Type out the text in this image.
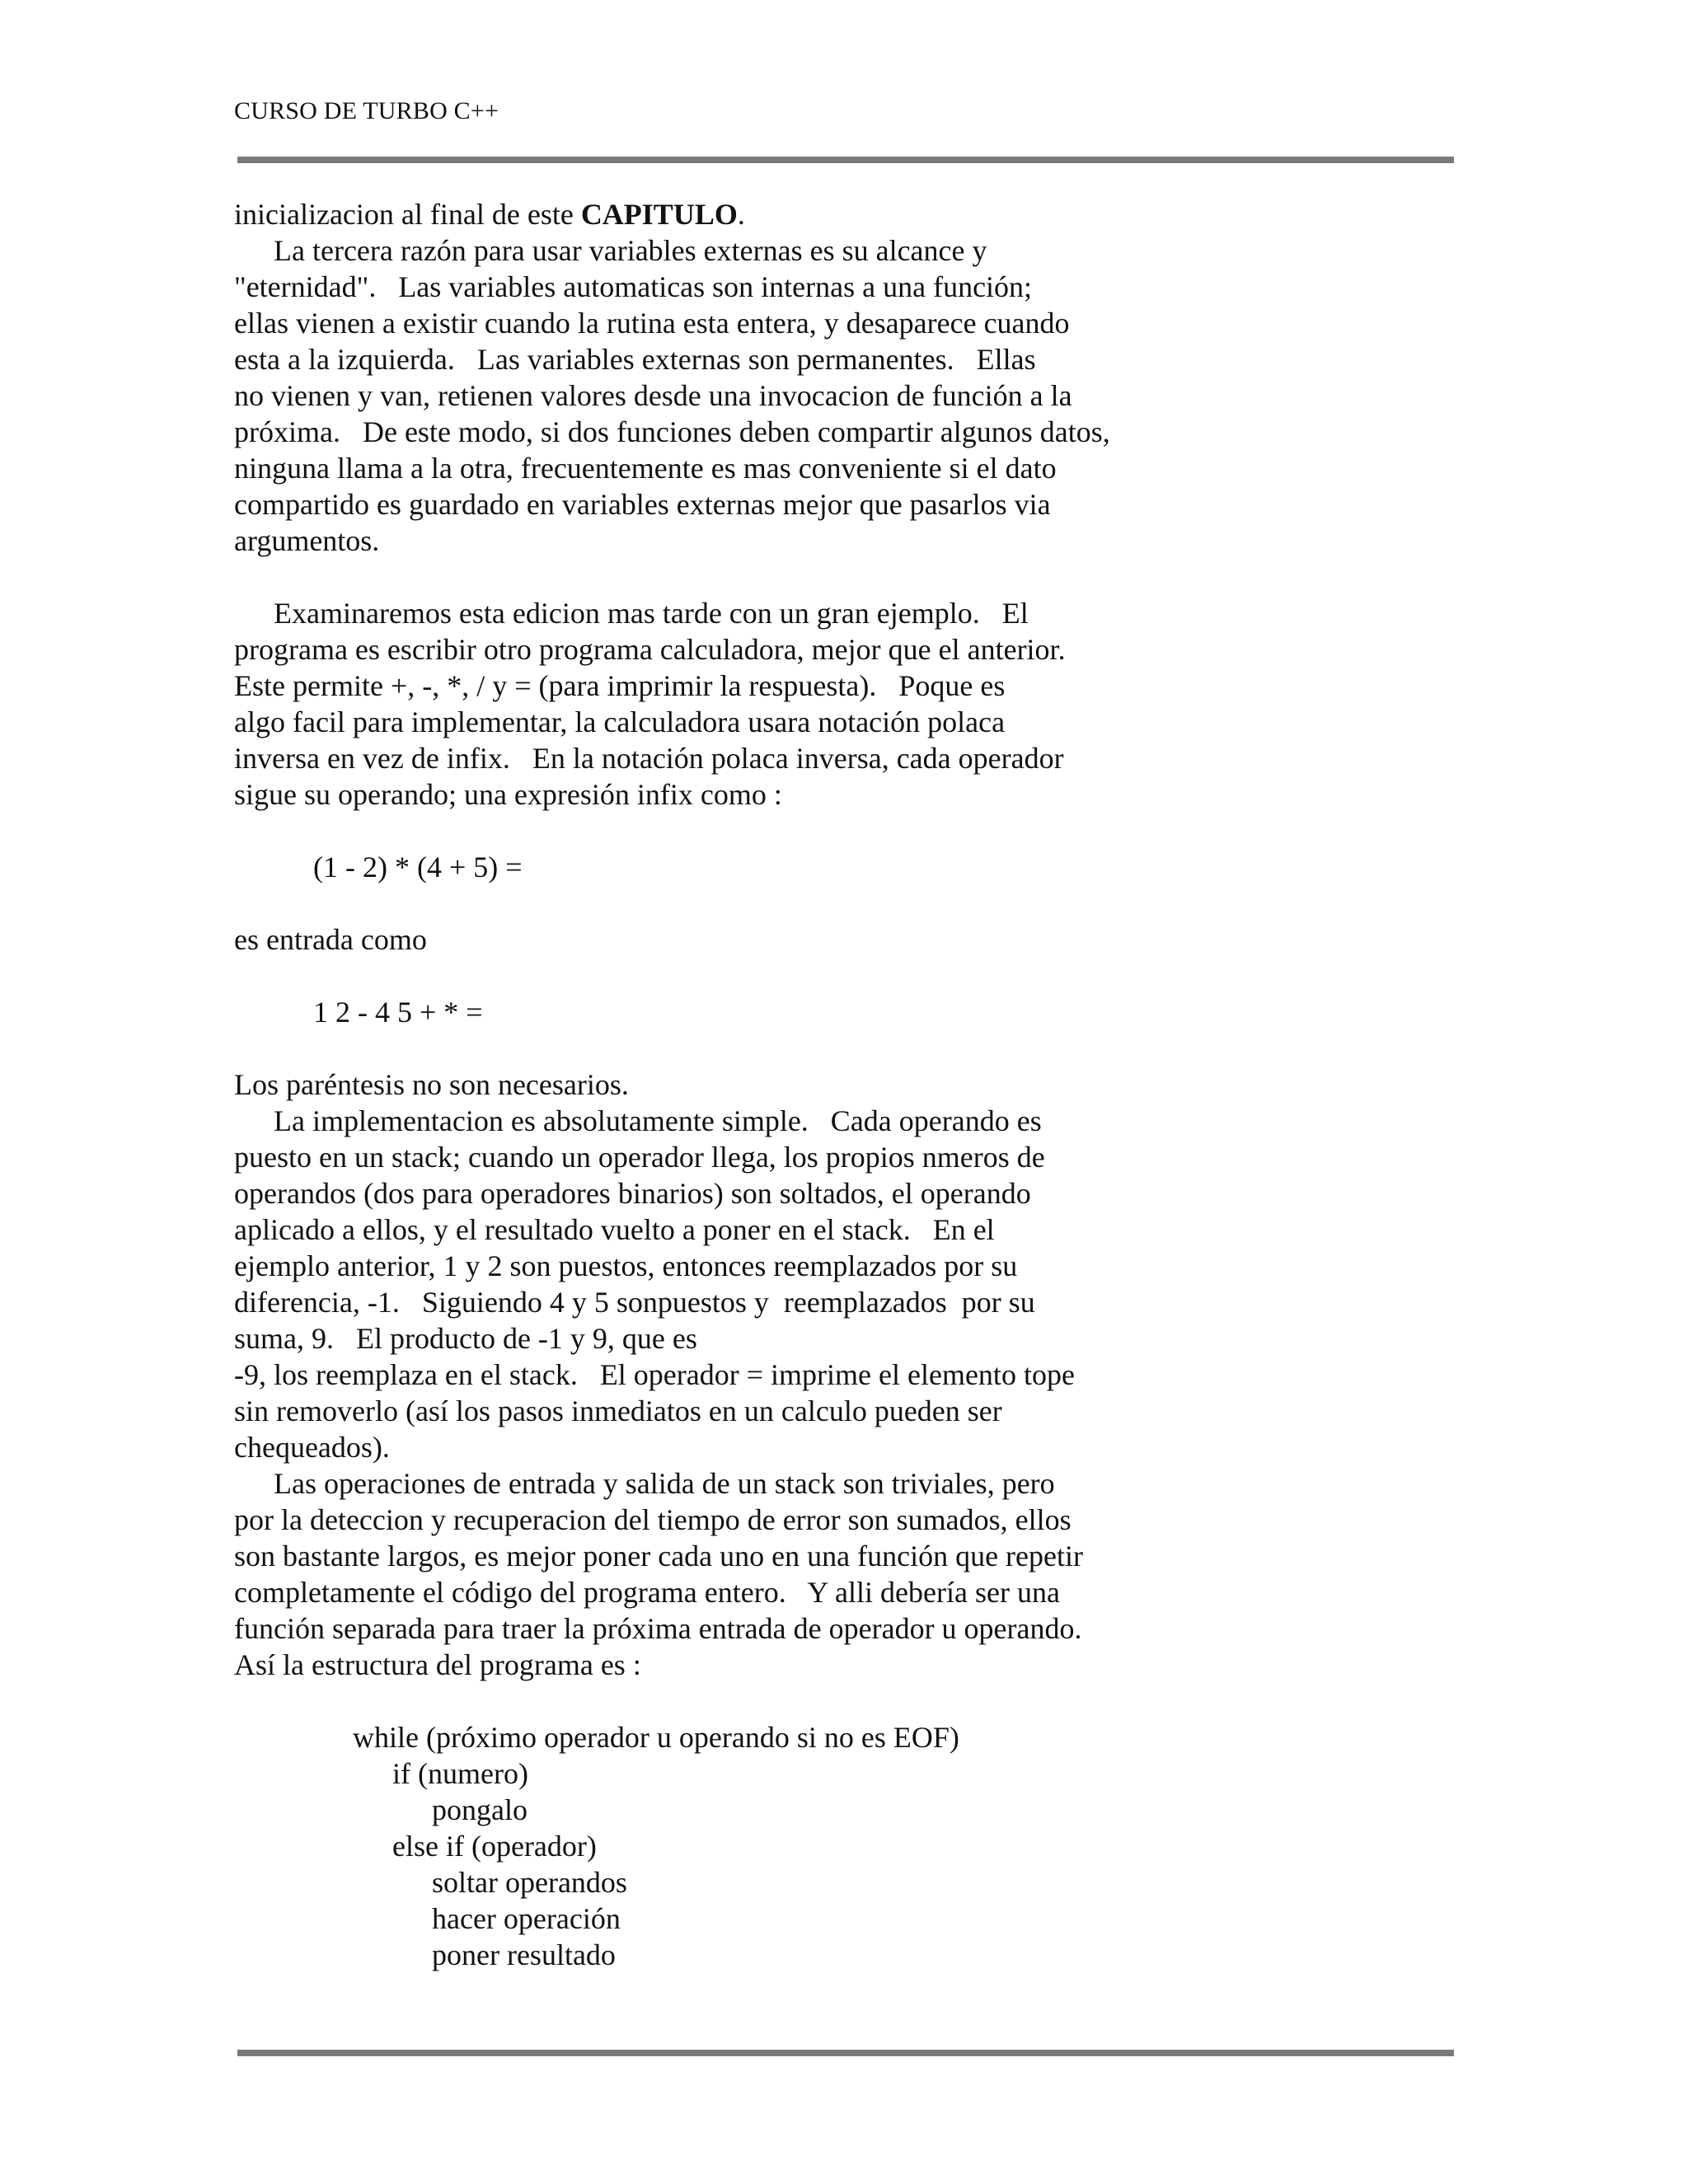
CURSO DE TURBO C++
inicializacion al final de este CAPITULO.
La tercera razón para usar variables externas es su alcance y
"eternidad".   Las variables automaticas son internas a una función;
ellas vienen a existir cuando la rutina esta entera, y desaparece cuando
esta a la izquierda.   Las variables externas son permanentes.   Ellas
no vienen y van, retienen valores desde una invocacion de función a la
próxima.   De este modo, si dos funciones deben compartir algunos datos,
ninguna llama a la otra, frecuentemente es mas conveniente si el dato
compartido es guardado en variables externas mejor que pasarlos via
argumentos.
Examinaremos esta edicion mas tarde con un gran ejemplo.   El
programa es escribir otro programa calculadora, mejor que el anterior.
Este permite +, -, *, / y = (para imprimir la respuesta).   Poque es
algo facil para implementar, la calculadora usara notación polaca
inversa en vez de infix.   En la notación polaca inversa, cada operador
sigue su operando; una expresión infix como :
(1 - 2) * (4 + 5) =
es entrada como
1 2 - 4 5 + * =
Los paréntesis no son necesarios.
La implementacion es absolutamente simple.   Cada operando es
puesto en un stack; cuando un operador llega, los propios nmeros de
operandos (dos para operadores binarios) son soltados, el operando
aplicado a ellos, y el resultado vuelto a poner en el stack.   En el
ejemplo anterior, 1 y 2 son puestos, entonces reemplazados por su
diferencia, -1.   Siguiendo 4 y 5 sonpuestos y  reemplazados  por su
suma, 9.   El producto de -1 y 9, que es
-9, los reemplaza en el stack.   El operador = imprime el elemento tope
sin removerlo (así los pasos inmediatos en un calculo pueden ser
chequeados).
Las operaciones de entrada y salida de un stack son triviales, pero
por la deteccion y recuperacion del tiempo de error son sumados, ellos
son bastante largos, es mejor poner cada uno en una función que repetir
completamente el código del programa entero.   Y alli debería ser una
función separada para traer la próxima entrada de operador u operando.
Así la estructura del programa es :
while (próximo operador u operando si no es EOF)
if (numero)
pongalo
else if (operador)
soltar operandos
hacer operación
poner resultado
